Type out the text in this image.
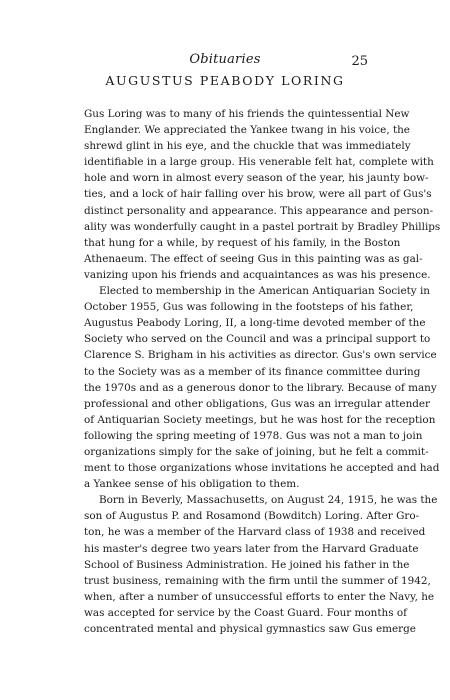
Obituaries	25
AUGUSTUS PEABODY LORING
Gus Loring was to many of his friends the quintessential New
Englander. We appreciated the Yankee twang in his voice, the
shrewd glint in his eye, and the chuckle that was immediately
identifiable in a large group. His venerable felt hat, complete with
hole and worn in almost every season of the year, his jaunty bow-
ties, and a lock of hair falling over his brow, were all part of Gus's
distinct personality and appearance. This appearance and person-
ality was wonderfully caught in a pastel portrait by Bradley Phillips
that hung for a while, by request of his family, in the Boston
Athenaeum. The effect of seeing Gus in this painting was as gal-
vanizing upon his friends and acquaintances as was his presence.
Elected to membership in the American Antiquarian Society in
October 1955, Gus was following in the footsteps of his father,
Augustus Peabody Loring, II, a long-time devoted member of the
Society who served on the Council and was a principal support to
Clarence S. Brigham in his activities as director. Gus's own service
to the Society was as a member of its finance committee during
the 1970s and as a generous donor to the library. Because of many
professional and other obligations, Gus was an irregular attender
of Antiquarian Society meetings, but he was host for the reception
following the spring meeting of 1978. Gus was not a man to join
organizations simply for the sake of joining, but he felt a commit-
ment to those organizations whose invitations he accepted and had
a Yankee sense of his obligation to them.
Born in Beverly, Massachusetts, on August 24, 1915, he was the
son of Augustus P. and Rosamond (Bowditch) Loring. After Gro-
ton, he was a member of the Harvard class of 1938 and received
his master's degree two years later from the Harvard Graduate
School of Business Administration. He joined his father in the
trust business, remaining with the firm until the summer of 1942,
when, after a number of unsuccessful efforts to enter the Navy, he
was accepted for service by the Coast Guard. Four months of
concentrated mental and physical gymnastics saw Gus emerge
